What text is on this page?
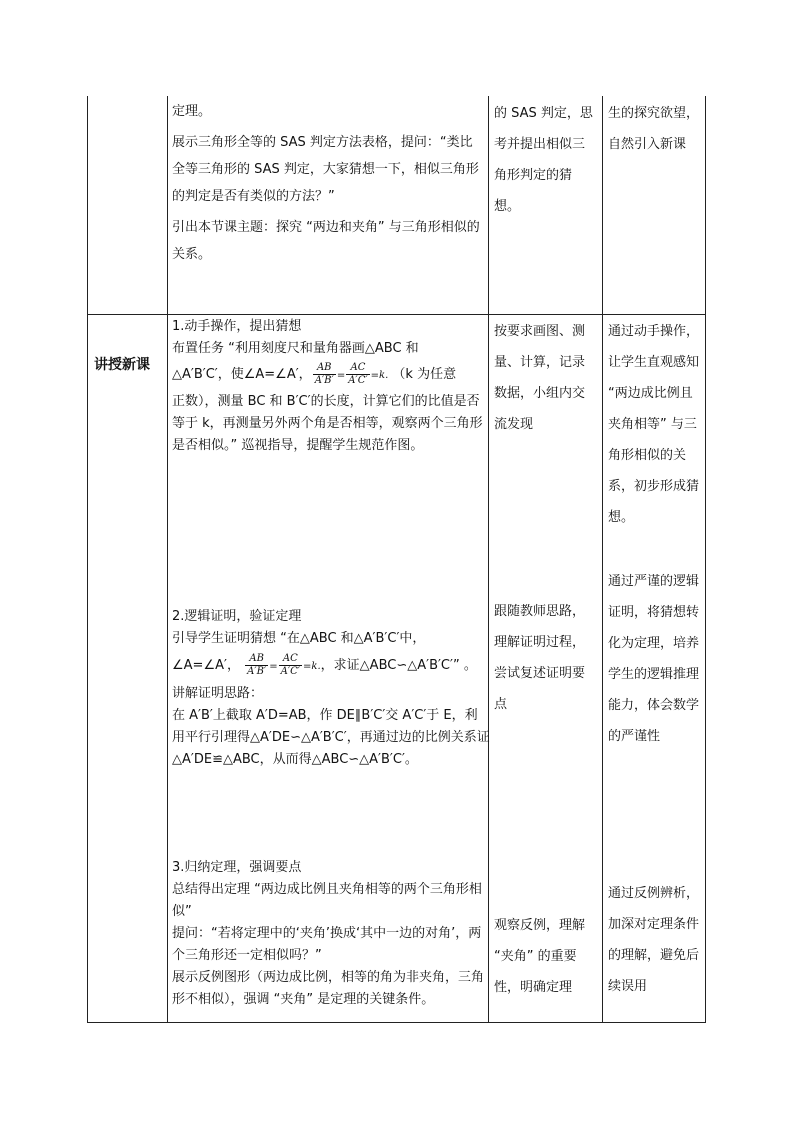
定理。

展示三角形全等的 SAS 判定方法表格，提问：“类比全等三角形的 SAS 判定，大家猜想一下，相似三角形的判定是否有类似的方法？”

引出本节课主题：探究 “两边和夹角” 与三角形相似的关系。

的 SAS 判定，思考并提出相似三角形判定的猜想。

生的探究欲望，自然引入新课

讲授新课

1.动手操作，提出猜想

布置任务 “利用刻度尺和量角器画△ABC 和

△A′B′C′，使∠A=∠A′， $\frac{AB}{A'B'} = \frac{AC}{A'C'} =k$. （k 为任意

正数），测量 BC 和 B′C′的长度，计算它们的比值是否等于 k，再测量另外两个角是否相等，观察两个三角形是否相似。” 巡视指导，提醒学生规范作图。

2.逻辑证明，验证定理

引导学生证明猜想 “在△ABC 和△A′B′C′中，

∠A=∠A′， $\frac{AB}{A'B'} = \frac{AC}{A'C'} =k$.，求证△ABC∽△A′B′C′” 。

讲解证明思路：

在 A′B′上截取 A′D=AB，作 DE∥B′C′交 A′C′于 E，利用平行引理得△A′DE∽△A′B′C′，再通过边的比例关系证△A′DE≌△ABC，从而得△ABC∽△A′B′C′。

3.归纳定理，强调要点

总结得出定理 “两边成比例且夹角相等的两个三角形相似”

提问：“若将定理中的‘夹角’换成‘其中一边的对角’，两个三角形还一定相似吗？”

展示反例图形（两边成比例，相等的角为非夹角，三角形不相似），强调 “夹角” 是定理的关键条件。

按要求画图、测量、计算，记录数据，小组内交流发现

跟随教师思路，理解证明过程，尝试复述证明要点

观察反例，理解 “夹角” 的重要性，明确定理

通过动手操作，让学生直观感知 “两边成比例且夹角相等” 与三角形相似的关系，初步形成猜想。

通过严谨的逻辑证明，将猜想转化为定理，培养学生的逻辑推理能力，体会数学的严谨性

通过反例辨析，加深对定理条件的理解，避免后续误用
